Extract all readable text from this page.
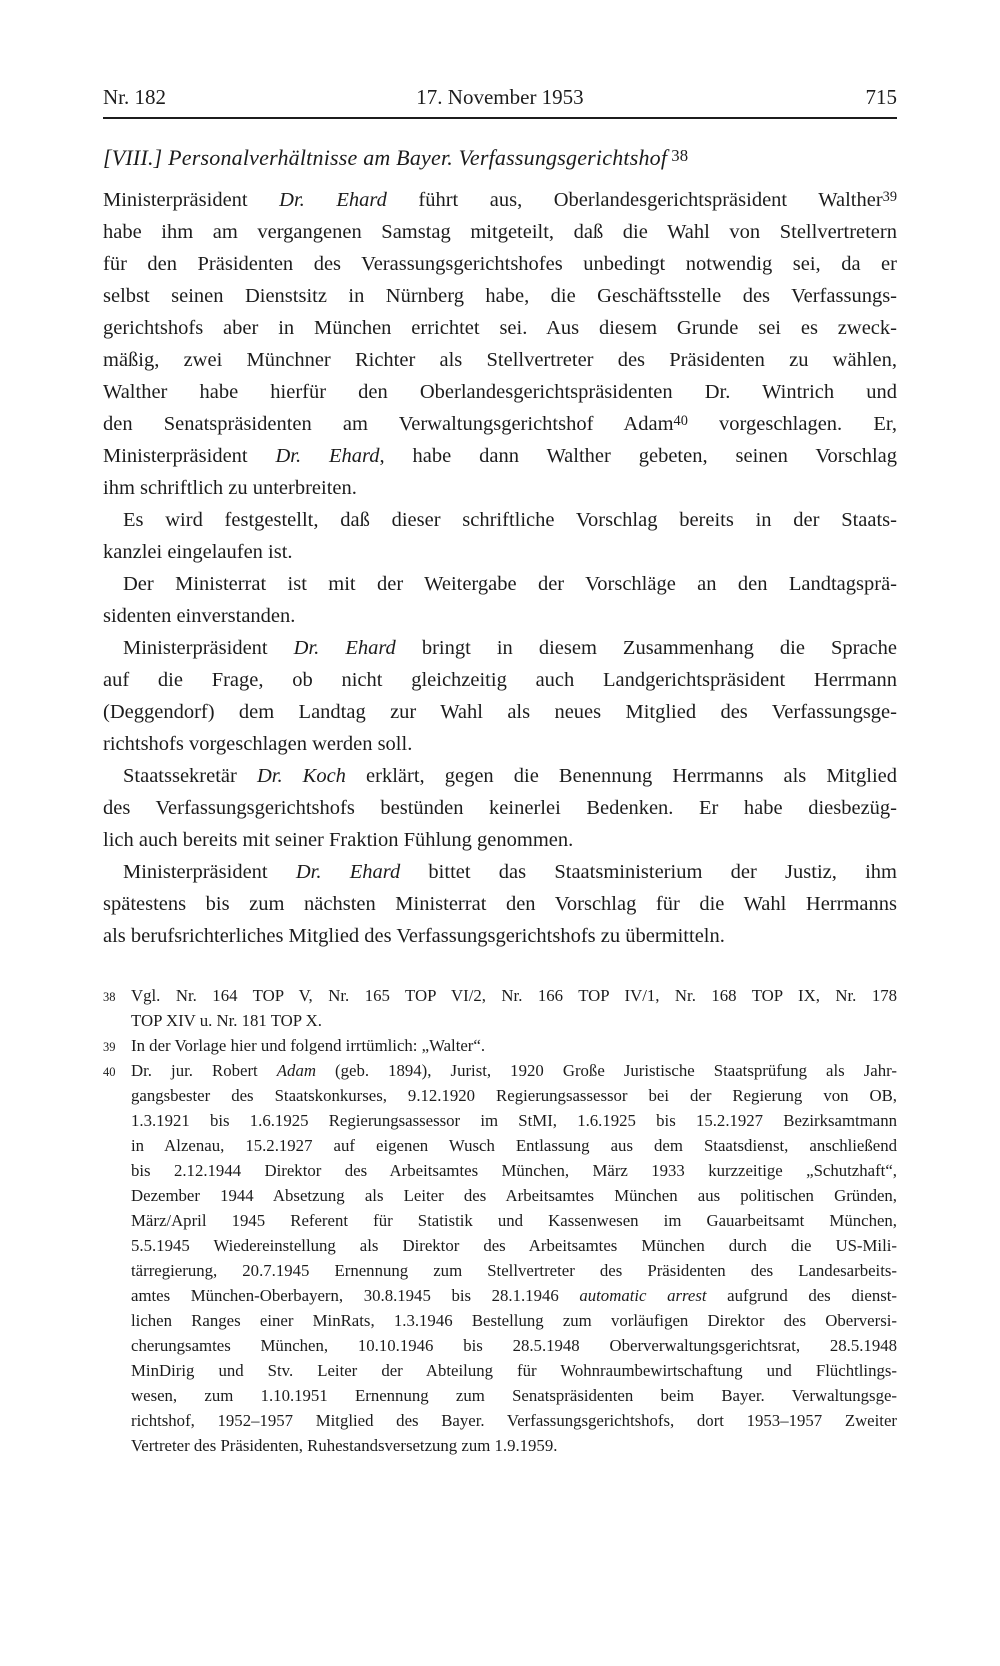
Nr. 182	17. November 1953	715
[VIII.] Personalverhältnisse am Bayer. Verfassungsgerichtshof 38
Ministerpräsident Dr. Ehard führt aus, Oberlandesgerichtspräsident Walther$^{39}$
habe ihm am vergangenen Samstag mitgeteilt, daß die Wahl von Stellvertretern
für den Präsidenten des Verassungsgerichtshofes unbedingt notwendig sei, da er
selbst seinen Dienstsitz in Nürnberg habe, die Geschäftsstelle des Verfassungs-
gerichtshofs aber in München errichtet sei. Aus diesem Grunde sei es zweck-
mäßig, zwei Münchner Richter als Stellvertreter des Präsidenten zu wählen,
Walther habe hierfür den Oberlandesgerichtspräsidenten Dr. Wintrich und
den Senatspräsidenten am Verwaltungsgerichtshof Adam$^{40}$ vorgeschlagen. Er,
Ministerpräsident Dr. Ehard, habe dann Walther gebeten, seinen Vorschlag
ihm schriftlich zu unterbreiten.
Es wird festgestellt, daß dieser schriftliche Vorschlag bereits in der Staats-
kanzlei eingelaufen ist.
Der Ministerrat ist mit der Weitergabe der Vorschläge an den Landtagsprä-
sidenten einverstanden.
Ministerpräsident Dr. Ehard bringt in diesem Zusammenhang die Sprache
auf die Frage, ob nicht gleichzeitig auch Landgerichtspräsident Herrmann
(Deggendorf) dem Landtag zur Wahl als neues Mitglied des Verfassungsge-
richtshofs vorgeschlagen werden soll.
Staatssekretär Dr. Koch erklärt, gegen die Benennung Herrmanns als Mitglied
des Verfassungsgerichtshofs bestünden keinerlei Bedenken. Er habe diesbezüg-
lich auch bereits mit seiner Fraktion Fühlung genommen.
Ministerpräsident Dr. Ehard bittet das Staatsministerium der Justiz, ihm
spätestens bis zum nächsten Ministerrat den Vorschlag für die Wahl Herrmanns
als berufsrichterliches Mitglied des Verfassungsgerichtshofs zu übermitteln.
38 Vgl. Nr. 164 TOP V, Nr. 165 TOP VI/2, Nr. 166 TOP IV/1, Nr. 168 TOP IX, Nr. 178
TOP XIV u. Nr. 181 TOP X.
39 In der Vorlage hier und folgend irrtümlich: „Walter“.
40 Dr. jur. Robert Adam (geb. 1894), Jurist, 1920 Große Juristische Staatsprüfung als Jahr-
gangsbester des Staatskonkurses, 9.12.1920 Regierungsassessor bei der Regierung von OB,
1.3.1921 bis 1.6.1925 Regierungsassessor im StMI, 1.6.1925 bis 15.2.1927 Bezirksamtmann
in Alzenau, 15.2.1927 auf eigenen Wusch Entlassung aus dem Staatsdienst, anschließend
bis 2.12.1944 Direktor des Arbeitsamtes München, März 1933 kurzzeitige „Schutzhaft“,
Dezember 1944 Absetzung als Leiter des Arbeitsamtes München aus politischen Gründen,
März/April 1945 Referent für Statistik und Kassenwesen im Gauarbeitsamt München,
5.5.1945 Wiedereinstellung als Direktor des Arbeitsamtes München durch die US-Mili-
tärregierung, 20.7.1945 Ernennung zum Stellvertreter des Präsidenten des Landesarbeits-
amtes München-Oberbayern, 30.8.1945 bis 28.1.1946 automatic arrest aufgrund des dienst-
lichen Ranges einer MinRats, 1.3.1946 Bestellung zum vorläufigen Direktor des Oberversi-
cherungsamtes München, 10.10.1946 bis 28.5.1948 Oberverwaltungsgerichtsrat, 28.5.1948
MinDirig und Stv. Leiter der Abteilung für Wohnraumbewirtschaftung und Flüchtlings-
wesen, zum 1.10.1951 Ernennung zum Senatspräsidenten beim Bayer. Verwaltungsge-
richtshof, 1952–1957 Mitglied des Bayer. Verfassungsgerichtshofs, dort 1953–1957 Zweiter
Vertreter des Präsidenten, Ruhestandsversetzung zum 1.9.1959.
